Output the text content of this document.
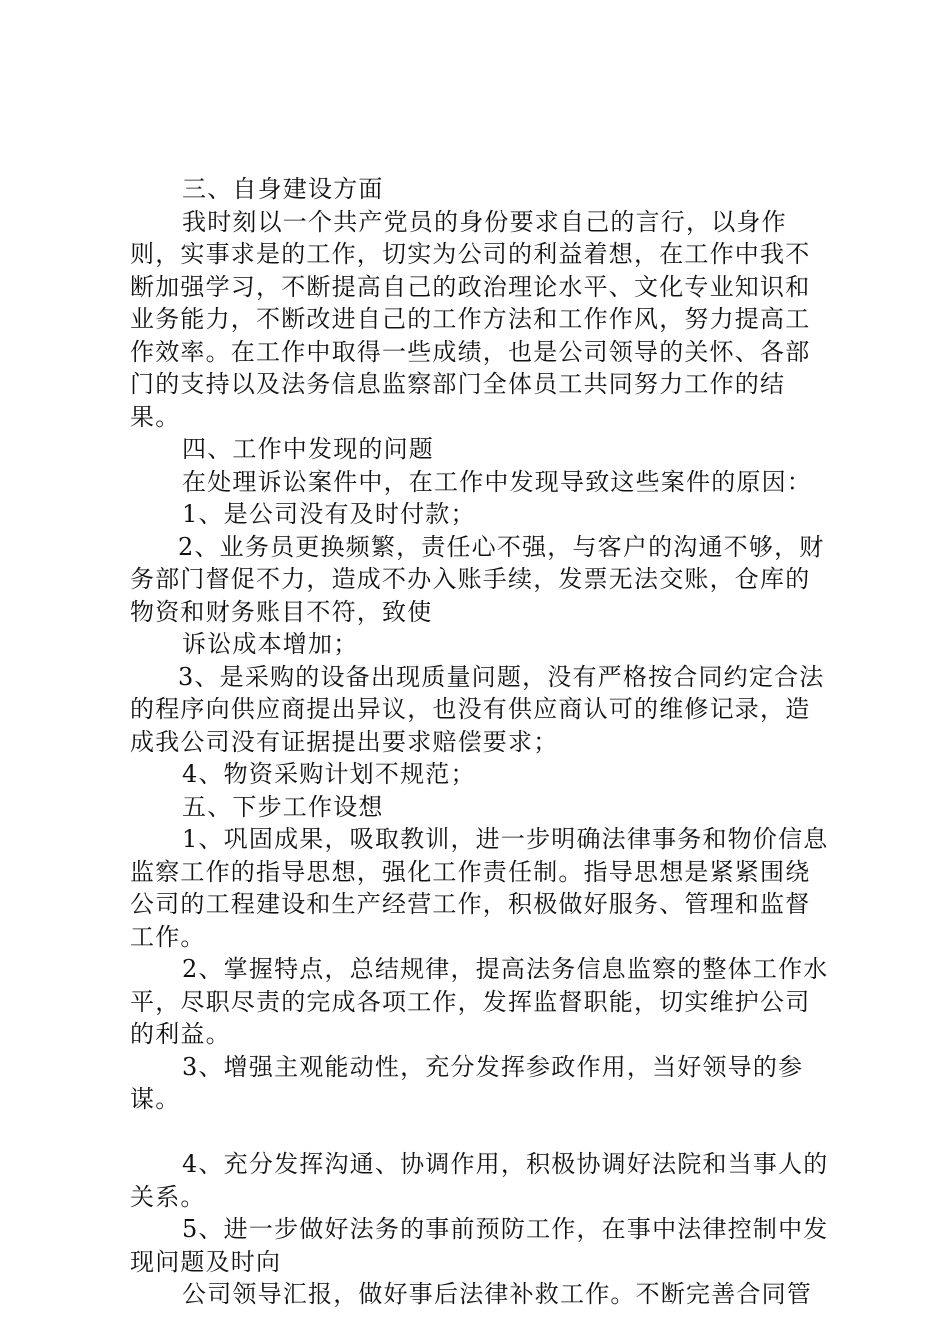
三、自身建设方面

我时刻以一个共产党员的身份要求自己的言行，以身作则，实事求是的工作，切实为公司的利益着想，在工作中我不断加强学习，不断提高自己的政治理论水平、文化专业知识和业务能力，不断改进自己的工作方法和工作作风，努力提高工作效率。在工作中取得一些成绩，也是公司领导的关怀、各部门的支持以及法务信息监察部门全体员工共同努力工作的结果。

四、工作中发现的问题

在处理诉讼案件中，在工作中发现导致这些案件的原因：

1、是公司没有及时付款；

2、业务员更换频繁，责任心不强，与客户的沟通不够，财务部门督促不力，造成不办入账手续，发票无法交账，仓库的物资和财务账目不符，致使

诉讼成本增加；

3、是采购的设备出现质量问题，没有严格按合同约定合法的程序向供应商提出异议，也没有供应商认可的维修记录，造成我公司没有证据提出要求赔偿要求；

4、物资采购计划不规范；

五、下步工作设想

1、巩固成果，吸取教训，进一步明确法律事务和物价信息监察工作的指导思想，强化工作责任制。指导思想是紧紧围绕公司的工程建设和生产经营工作，积极做好服务、管理和监督工作。

2、掌握特点，总结规律，提高法务信息监察的整体工作水平，尽职尽责的完成各项工作，发挥监督职能，切实维护公司的利益。

3、增强主观能动性，充分发挥参政作用，当好领导的参谋。

4、充分发挥沟通、协调作用，积极协调好法院和当事人的关系。

5、进一步做好法务的事前预防工作，在事中法律控制中发现问题及时向

公司领导汇报，做好事后法律补救工作。不断完善合同管
